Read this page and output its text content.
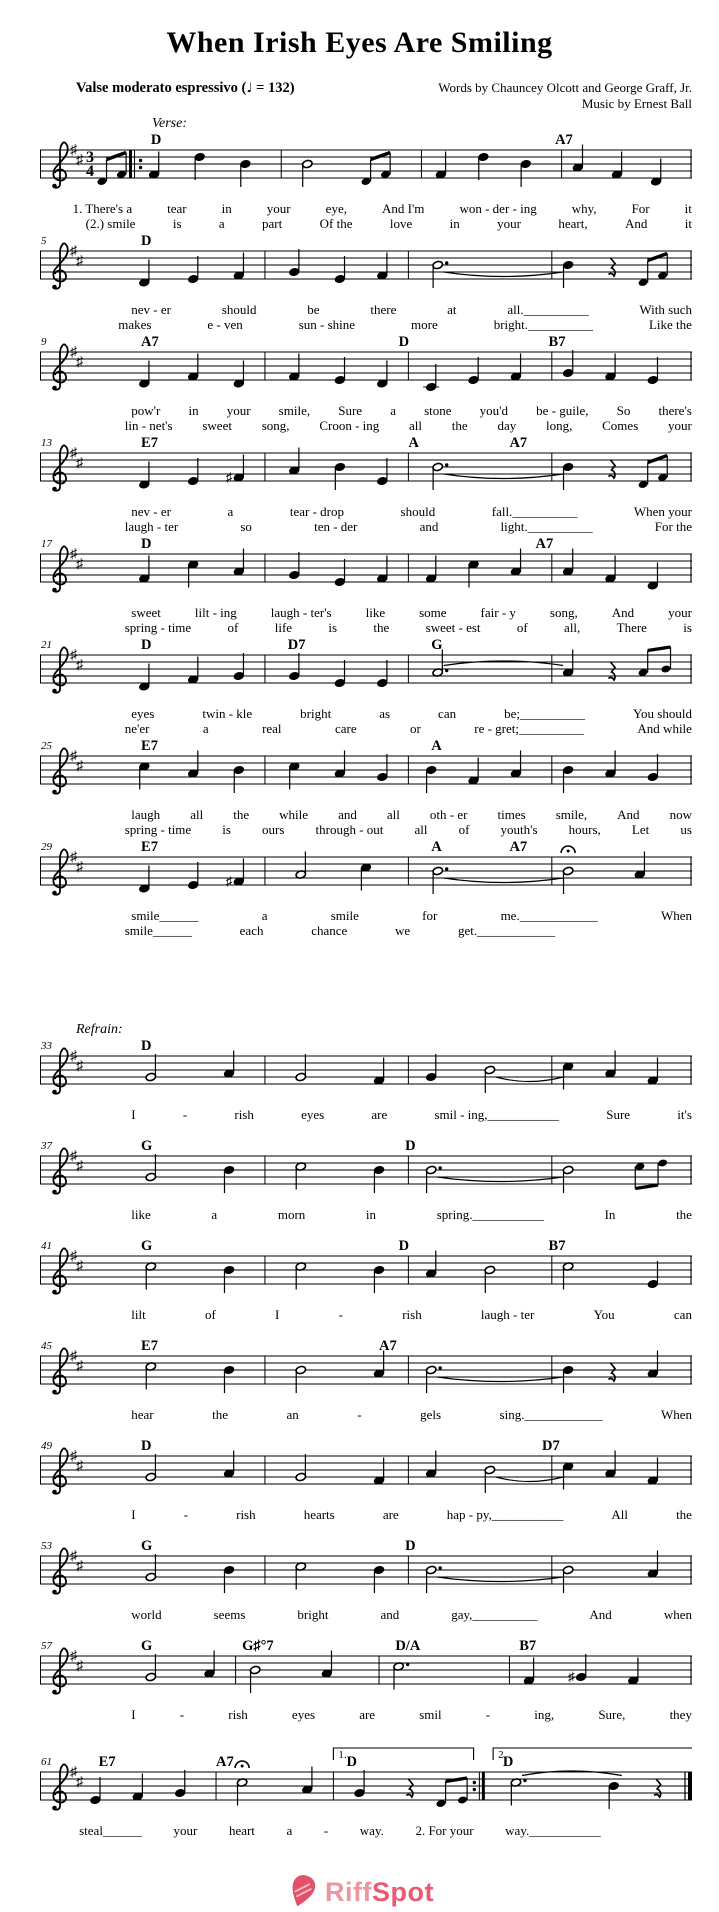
When Irish Eyes Are Smiling
Valse moderato espressivo (♩ = 132)	Words by Chauncey Olcott and George Graff, Jr.
Music by Ernest Ball
Verse:
♯
♯ 3
4
D	A7
1. There's a	tear	in	your	eye,	And I'm	won - der - ing	why,	For	it
(2.) smile	is	a	part	Of the	love	in	your	heart,	And	it
5
♯
♯
D
nev - er	should	be	there	at	all.__________	With such
makes	e - ven	sun - shine	more	bright.__________	Like the
9
♯
♯
A7	D	B7
pow'r in your smile, Sure a stone you'd be - guile, So there's
lin - net's sweet song, Croon - ing all the day long, Comes your
13
♯
♯
E7	A	A7
♯
nev - er	a	tear - drop	should	fall.__________	When your
laugh - ter	so	ten - der	and	light.__________	For the
17
♯
♯
D	A7
sweet	lilt - ing	laugh - ter's	like	some	fair - y	song,	And	your
spring - time	of	life	is	the	sweet - est	of	all,	There	is
21
♯
♯
D	D7	G
eyes	twin - kle	bright	as	can	be;__________	You should
ne'er	a	real	care	or	re - gret;__________	And while
25
♯
♯
E7	A
laugh all the while and all oth - er times smile, And now
spring - time is ours through - out all of youth's hours, Let us
29
♯
♯
E7	A	A7
♯
smile______	a	smile	for	me.____________	When
smile______	each	chance	we	get.____________
Refrain:
33
♯
♯
D
I	-	rish	eyes	are	smil - ing,___________	Sure	it's
37
♯
♯
G	D
like	a	morn	in	spring.___________	In	the
41
♯
♯
G	D	B7
lilt	of	I	-	rish	laugh - ter	You	can
45
♯
♯
E7	A7
hear	the	an	-	gels	sing.____________	When
49
♯
♯
D	D7
I	-	rish	hearts	are	hap - py,___________	All	the
53
♯
♯
G	D
world	seems	bright	and	gay,__________	And	when
57
♯
♯
G	G♯°7	D/A	B7
♯
I	-	rish	eyes	are	smil	-	ing,	Sure,	they
61
♯
♯
1.	2.
E7	A7	D	D
steal______ your heart a - way. 2. For your way.___________
RiffSpot
